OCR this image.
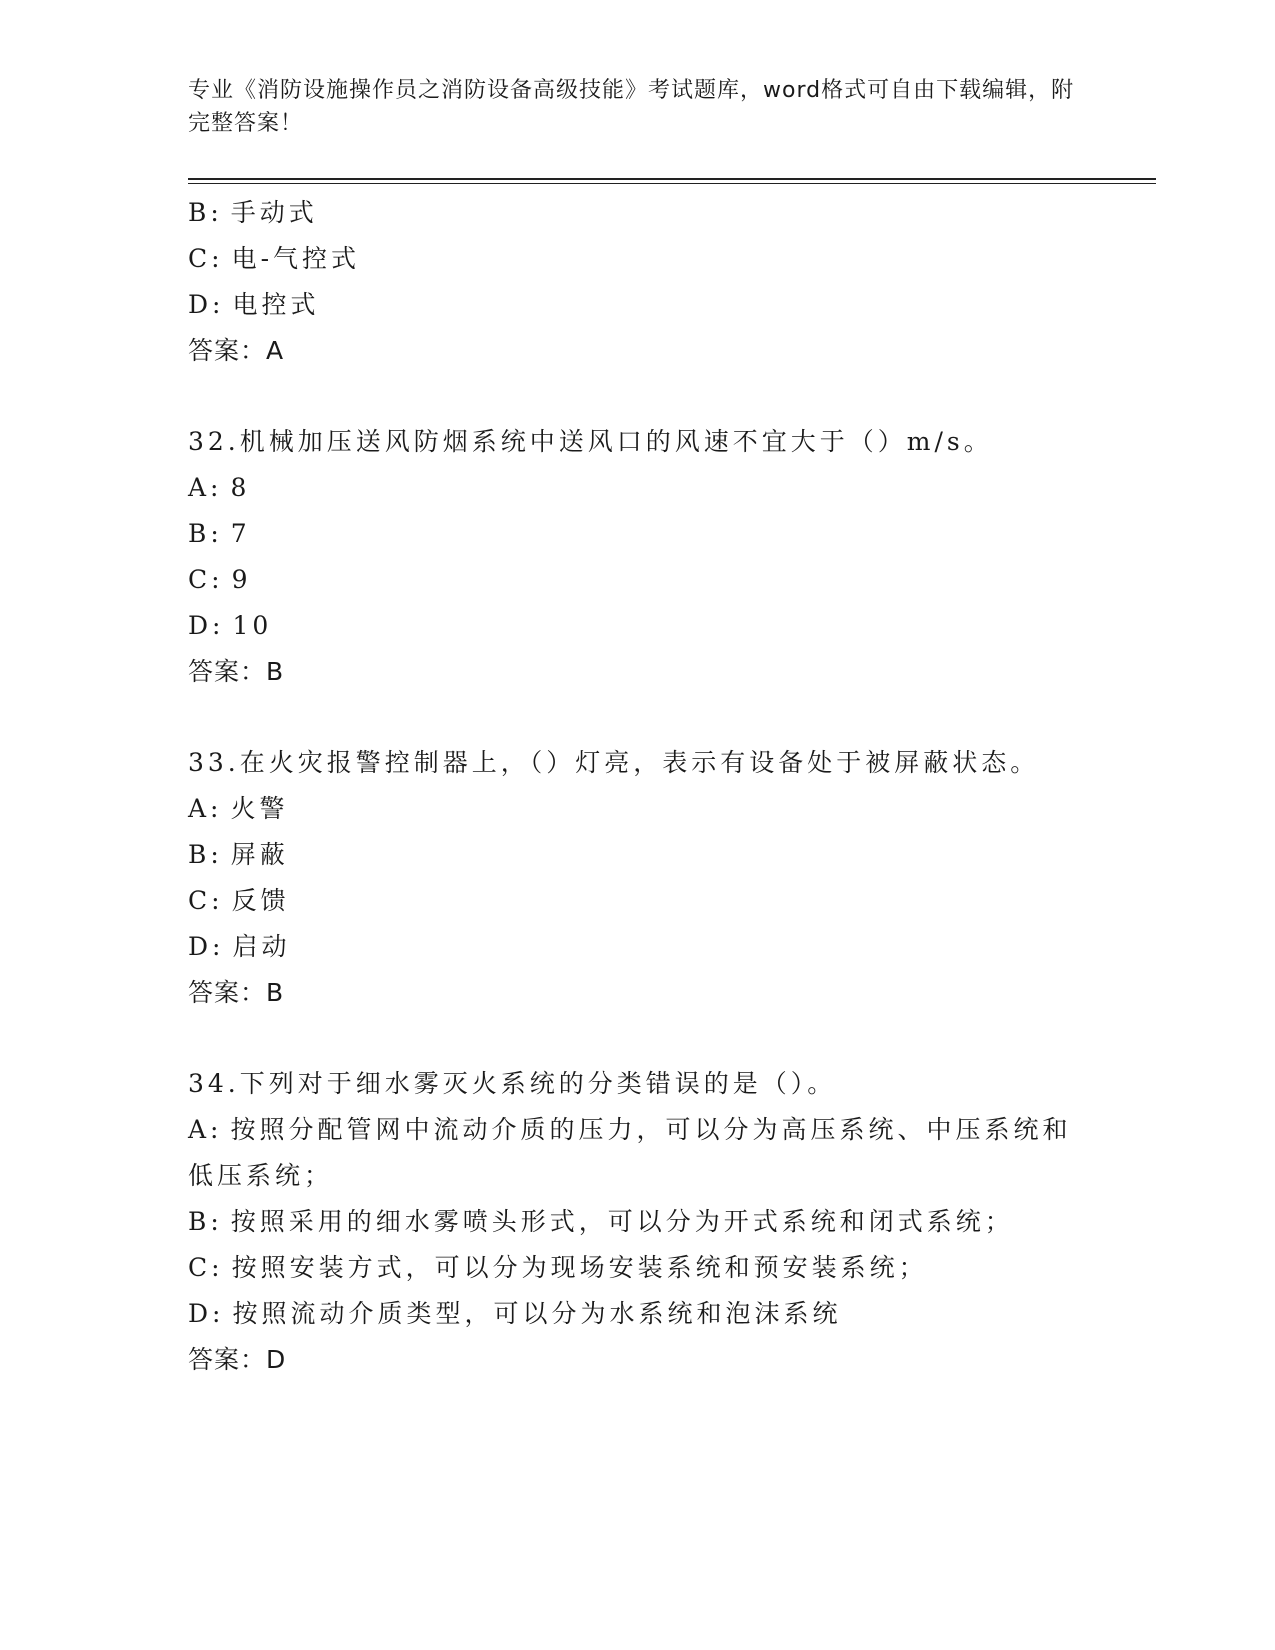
专业《消防设施操作员之消防设备高级技能》考试题库，word格式可自由下载编辑，附完整答案！
B: 手动式
C: 电-气控式
D: 电控式
答案：A
32.机械加压送风防烟系统中送风口的风速不宜大于（）m/s。
A: 8
B: 7
C: 9
D: 10
答案：B
33.在火灾报警控制器上，（）灯亮，表示有设备处于被屏蔽状态。
A: 火警
B: 屏蔽
C: 反馈
D: 启动
答案：B
34.下列对于细水雾灭火系统的分类错误的是（）。
A: 按照分配管网中流动介质的压力，可以分为高压系统、中压系统和低压系统；
B: 按照采用的细水雾喷头形式，可以分为开式系统和闭式系统；
C: 按照安装方式，可以分为现场安装系统和预安装系统；
D: 按照流动介质类型，可以分为水系统和泡沫系统
答案：D
